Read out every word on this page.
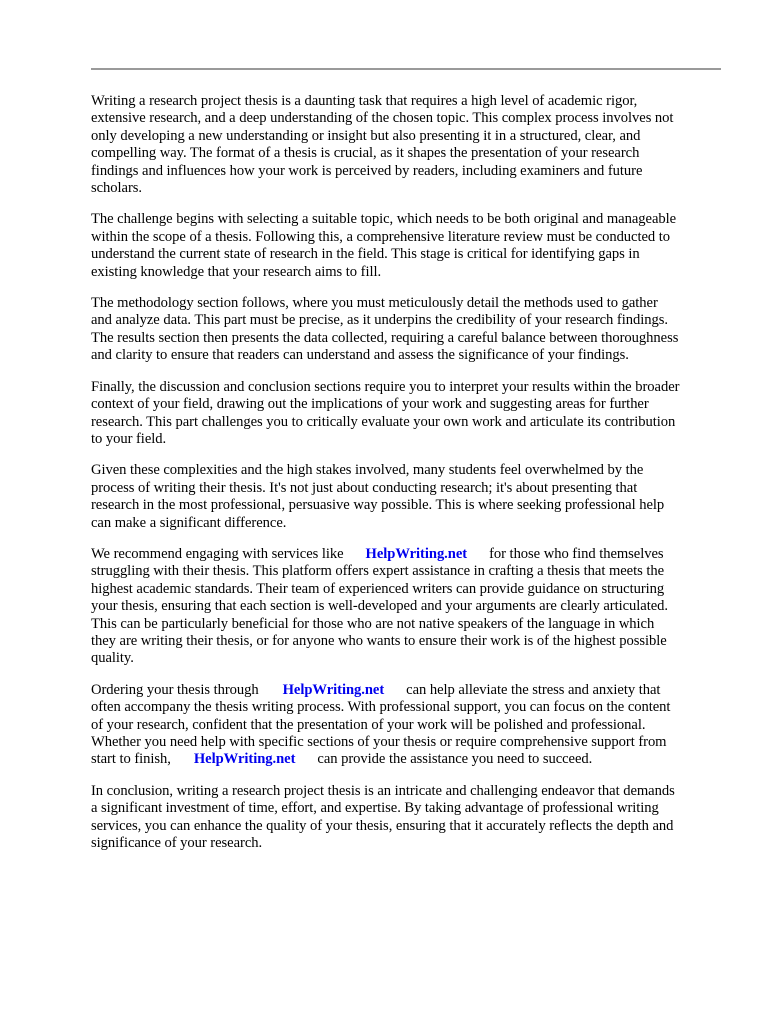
Writing a research project thesis is a daunting task that requires a high level of academic rigor,
extensive research, and a deep understanding of the chosen topic. This complex process involves not
only developing a new understanding or insight but also presenting it in a structured, clear, and
compelling way. The format of a thesis is crucial, as it shapes the presentation of your research
findings and influences how your work is perceived by readers, including examiners and future
scholars.

The challenge begins with selecting a suitable topic, which needs to be both original and manageable
within the scope of a thesis. Following this, a comprehensive literature review must be conducted to
understand the current state of research in the field. This stage is critical for identifying gaps in
existing knowledge that your research aims to fill.

The methodology section follows, where you must meticulously detail the methods used to gather
and analyze data. This part must be precise, as it underpins the credibility of your research findings.
The results section then presents the data collected, requiring a careful balance between thoroughness
and clarity to ensure that readers can understand and assess the significance of your findings.

Finally, the discussion and conclusion sections require you to interpret your results within the broader
context of your field, drawing out the implications of your work and suggesting areas for further
research. This part challenges you to critically evaluate your own work and articulate its contribution
to your field.

Given these complexities and the high stakes involved, many students feel overwhelmed by the
process of writing their thesis. It's not just about conducting research; it's about presenting that
research in the most professional, persuasive way possible. This is where seeking professional help
can make a significant difference.

We recommend engaging with services like HelpWriting.net for those who find themselves
struggling with their thesis. This platform offers expert assistance in crafting a thesis that meets the
highest academic standards. Their team of experienced writers can provide guidance on structuring
your thesis, ensuring that each section is well-developed and your arguments are clearly articulated.
This can be particularly beneficial for those who are not native speakers of the language in which
they are writing their thesis, or for anyone who wants to ensure their work is of the highest possible
quality.

Ordering your thesis through HelpWriting.net can help alleviate the stress and anxiety that
often accompany the thesis writing process. With professional support, you can focus on the content
of your research, confident that the presentation of your work will be polished and professional.
Whether you need help with specific sections of your thesis or require comprehensive support from
start to finish, HelpWriting.net can provide the assistance you need to succeed.

In conclusion, writing a research project thesis is an intricate and challenging endeavor that demands
a significant investment of time, effort, and expertise. By taking advantage of professional writing
services, you can enhance the quality of your thesis, ensuring that it accurately reflects the depth and
significance of your research.
